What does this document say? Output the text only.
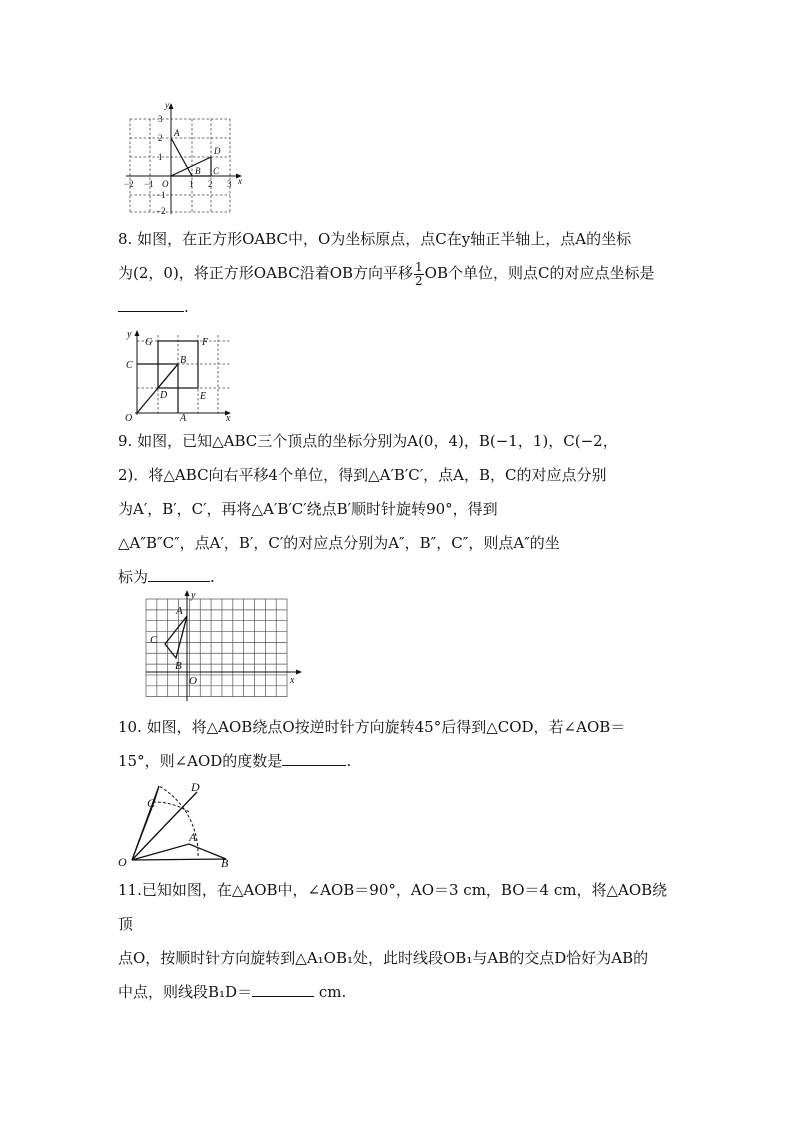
y
x
3
2
1
−1
−2
−2 −1 O 1 2 3
A
D
B C

8. 如图，在正方形OABC中，O为坐标原点，点C在y轴正半轴上，点A的坐标
为(2，0)，将正方形OABC沿着OB方向平移 $\frac{1}{2}$ OB个单位，则点C的对应点坐标是
.

y
x
O
G	F
C	B
D
A
E

9. 如图，已知△ABC三个顶点的坐标分别为A(0，4)，B(−1，1)，C(−2，
2)．将△ABC向右平移4个单位，得到△A′B′C′，点A，B，C的对应点分别
为A′，B′，C′，再将△A′B′C′绕点B′顺时针旋转90°，得到
△A″B″C″，点A′，B′，C′的对应点分别为A″，B″，C″，则点A″的坐
标为	.

y
x
O
A
C
B

10. 如图，将△AOB绕点O按逆时针方向旋转45°后得到△COD，若∠AOB＝
15°，则∠AOD的度数是	.

O	B
A
C
D

11.已知如图，在△AOB中，∠AOB＝90°，AO＝3 cm，BO＝4 cm，将△AOB绕顶
点O，按顺时针方向旋转到△A₁OB₁处，此时线段OB₁与AB的交点D恰好为AB的
中点，则线段B₁D＝	cm.
